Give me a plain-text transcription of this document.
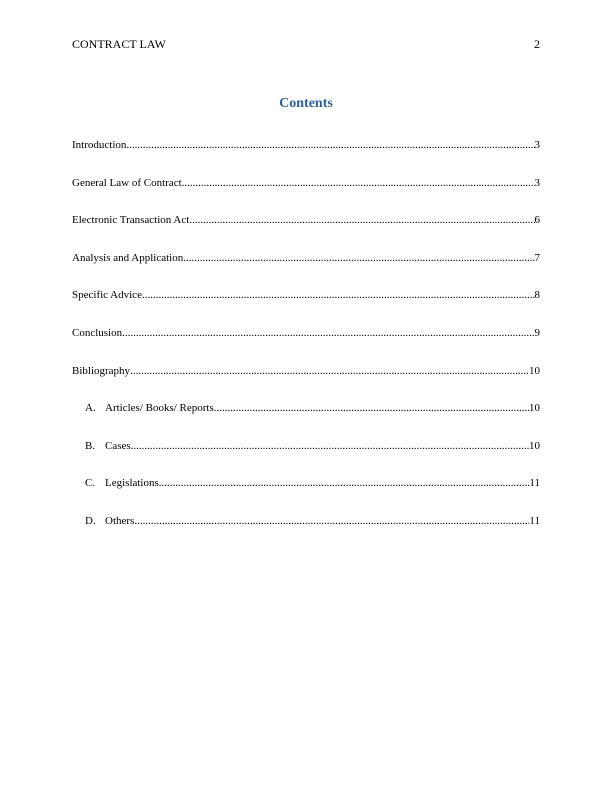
CONTRACT LAW	2
Contents
Introduction .....	3
General Law of Contract .....	3
Electronic Transaction Act .....	6
Analysis and Application .....	7
Specific Advice .....	8
Conclusion .....	9
Bibliography .....	10
A. Articles/ Books/ Reports .....	10
B. Cases .....	10
C. Legislations .....	11
D. Others .....	11
